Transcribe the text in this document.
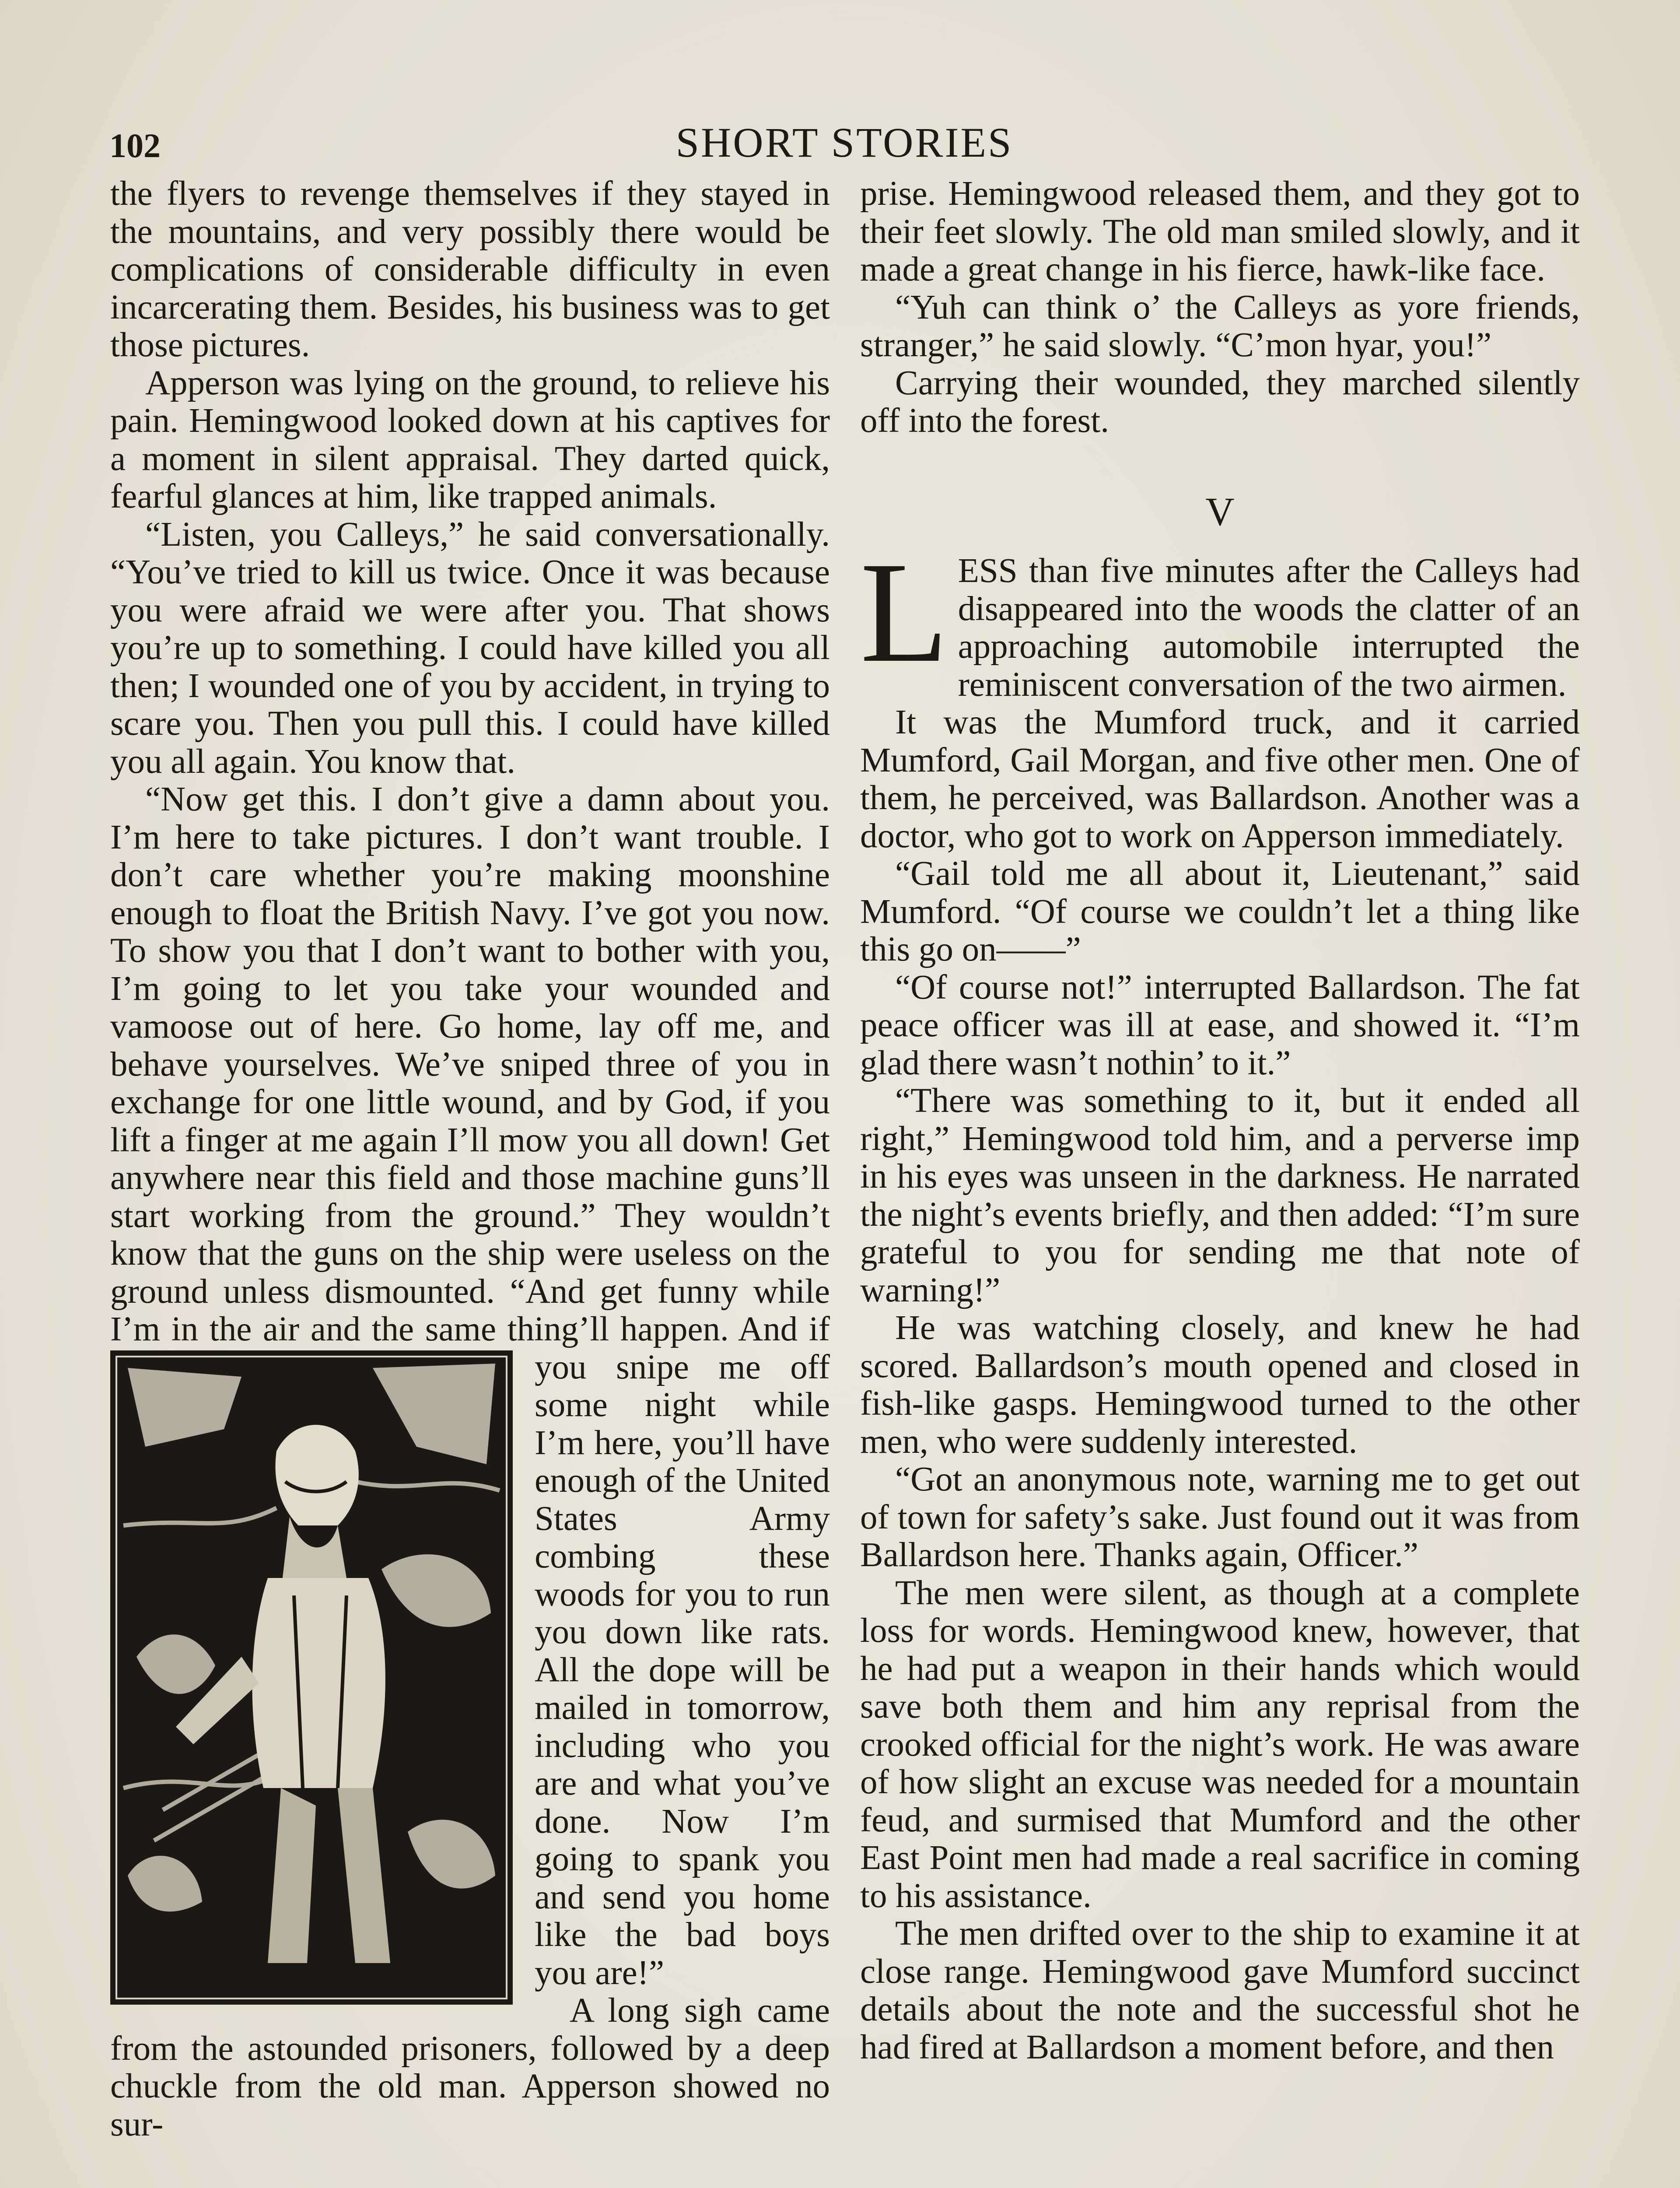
102	SHORT STORIES

the flyers to revenge themselves if they stayed in the mountains, and very possibly there would be complications of considerable difficulty in even incarcerating them. Besides, his business was to get those pictures.

Apperson was lying on the ground, to relieve his pain. Hemingwood looked down at his captives for a moment in silent appraisal. They darted quick, fearful glances at him, like trapped animals.

“Listen, you Calleys,” he said conversationally. “You’ve tried to kill us twice. Once it was because you were afraid we were after you. That shows you’re up to something. I could have killed you all then; I wounded one of you by accident, in trying to scare you. Then you pull this. I could have killed you all again. You know that.

“Now get this. I don’t give a damn about you. I’m here to take pictures. I don’t want trouble. I don’t care whether you’re making moonshine enough to float the British Navy. I’ve got you now. To show you that I don’t want to bother with you, I’m going to let you take your wounded and vamoose out of here. Go home, lay off me, and behave yourselves. We’ve sniped three of you in exchange for one little wound, and by God, if you lift a finger at me again I’ll mow you all down! Get anywhere near this field and those machine guns’ll start working from the ground.” They wouldn’t know that the guns on the ship were useless on the ground unless dismounted. “And get funny while I’m in the air and the same
thing’ll happen. And if you snipe me off some night while I’m here, you’ll have enough of the United States Army combing these woods for you to run you down like rats. All the dope will be mailed in tomorrow, including who you are and what you’ve done. Now I’m going to spank you and send you home like the bad boys you are!”

A long sigh came from the astounded prisoners, followed by a deep chuckle from the old man. Apperson showed no sur-

prise. Hemingwood released them, and they got to their feet slowly. The old man smiled slowly, and it made a great change in his fierce, hawk-like face.

“Yuh can think o’ the Calleys as yore friends, stranger,” he said slowly. “C’mon hyar, you!”

Carrying their wounded, they marched silently off into the forest.

V

LESS than five minutes after the Calleys had disappeared into the woods the clatter of an approaching automobile interrupted the reminiscent conversation of the two airmen.

It was the Mumford truck, and it carried Mumford, Gail Morgan, and five other men. One of them, he perceived, was Ballardson. Another was a doctor, who got to work on Apperson immediately.

“Gail told me all about it, Lieutenant,” said Mumford. “Of course we couldn’t let a thing like this go on——”

“Of course not!” interrupted Ballardson. The fat peace officer was ill at ease, and showed it. “I’m glad there wasn’t nothin’ to it.”

“There was something to it, but it ended all right,” Hemingwood told him, and a perverse imp in his eyes was unseen in the darkness. He narrated the night’s events briefly, and then added: “I’m sure grateful to you for sending me that note of warning!”

He was watching closely, and knew he had scored. Ballardson’s mouth opened and closed in fish-like gasps. Hemingwood turned to the other men, who were suddenly interested.

“Got an anonymous note, warning me to get out of town for safety’s sake. Just found out it was from Ballardson here. Thanks again, Officer.”

The men were silent, as though at a complete loss for words. Hemingwood knew, however, that he had put a weapon in their hands which would save both them and him any reprisal from the crooked official for the night’s work. He was aware of how slight an excuse was needed for a mountain feud, and surmised that Mumford and the other East Point men had made a real sacrifice in coming to his assistance.

The men drifted over to the ship to examine it at close range. Hemingwood gave Mumford succinct details about the note and the successful shot he had fired at Ballardson a moment before, and then
